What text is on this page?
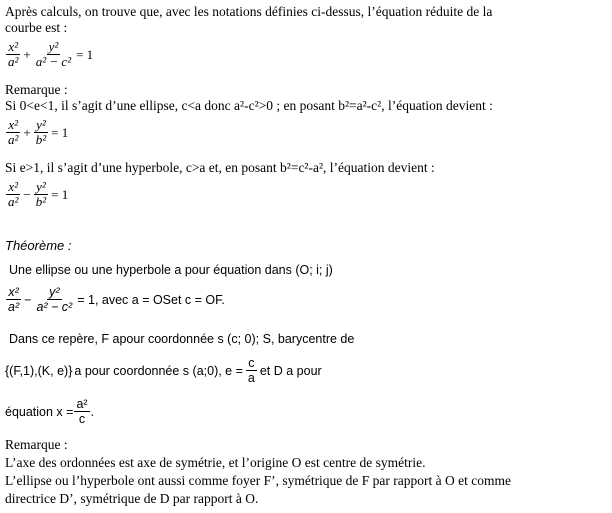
Après calculs, on trouve que, avec les notations définies ci-dessus, l’équation réduite de la
courbe est :
$\frac{\text{x²}}{\text{a²}} + \frac{\text{y²}}{\text{a² − c²}} = 1$
Remarque :
Si 0<e<1, il s’agit d’une ellipse, c<a donc a²-c²>0 ; en posant b²=a²-c², l’équation devient :
$\frac{\text{x²}}{\text{a²}} + \frac{\text{y²}}{\text{b²}} = 1$
Si e>1, il s’agit d’une hyperbole, c>a et, en posant b²=c²-a², l’équation devient :
$\frac{\text{x²}}{\text{a²}} - \frac{\text{y²}}{\text{b²}} = 1$
Théorème :
Une ellipse ou une hyperbole a pour équation dans (O; i; j)
$\frac{\text{x²}}{\text{a²}} - \frac{\text{y²}}{\text{a² − c²}} = 1$, avec a = OSet c = OF.
Dans ce repère, F apour coordonnée s (c; 0); S, barycentre de
{(F,1),(K, e)} a pour coordonnée s (a;0), $e = \frac{c}{a}$ et D a pour
équation $x = \frac{\text{a²}}{c}$ .
Remarque :
L’axe des ordonnées est axe de symétrie, et l’origine O est centre de symétrie.
L’ellipse ou l’hyperbole ont aussi comme foyer F’, symétrique de F par rapport à O et comme
directrice D’, symétrique de D par rapport à O.
